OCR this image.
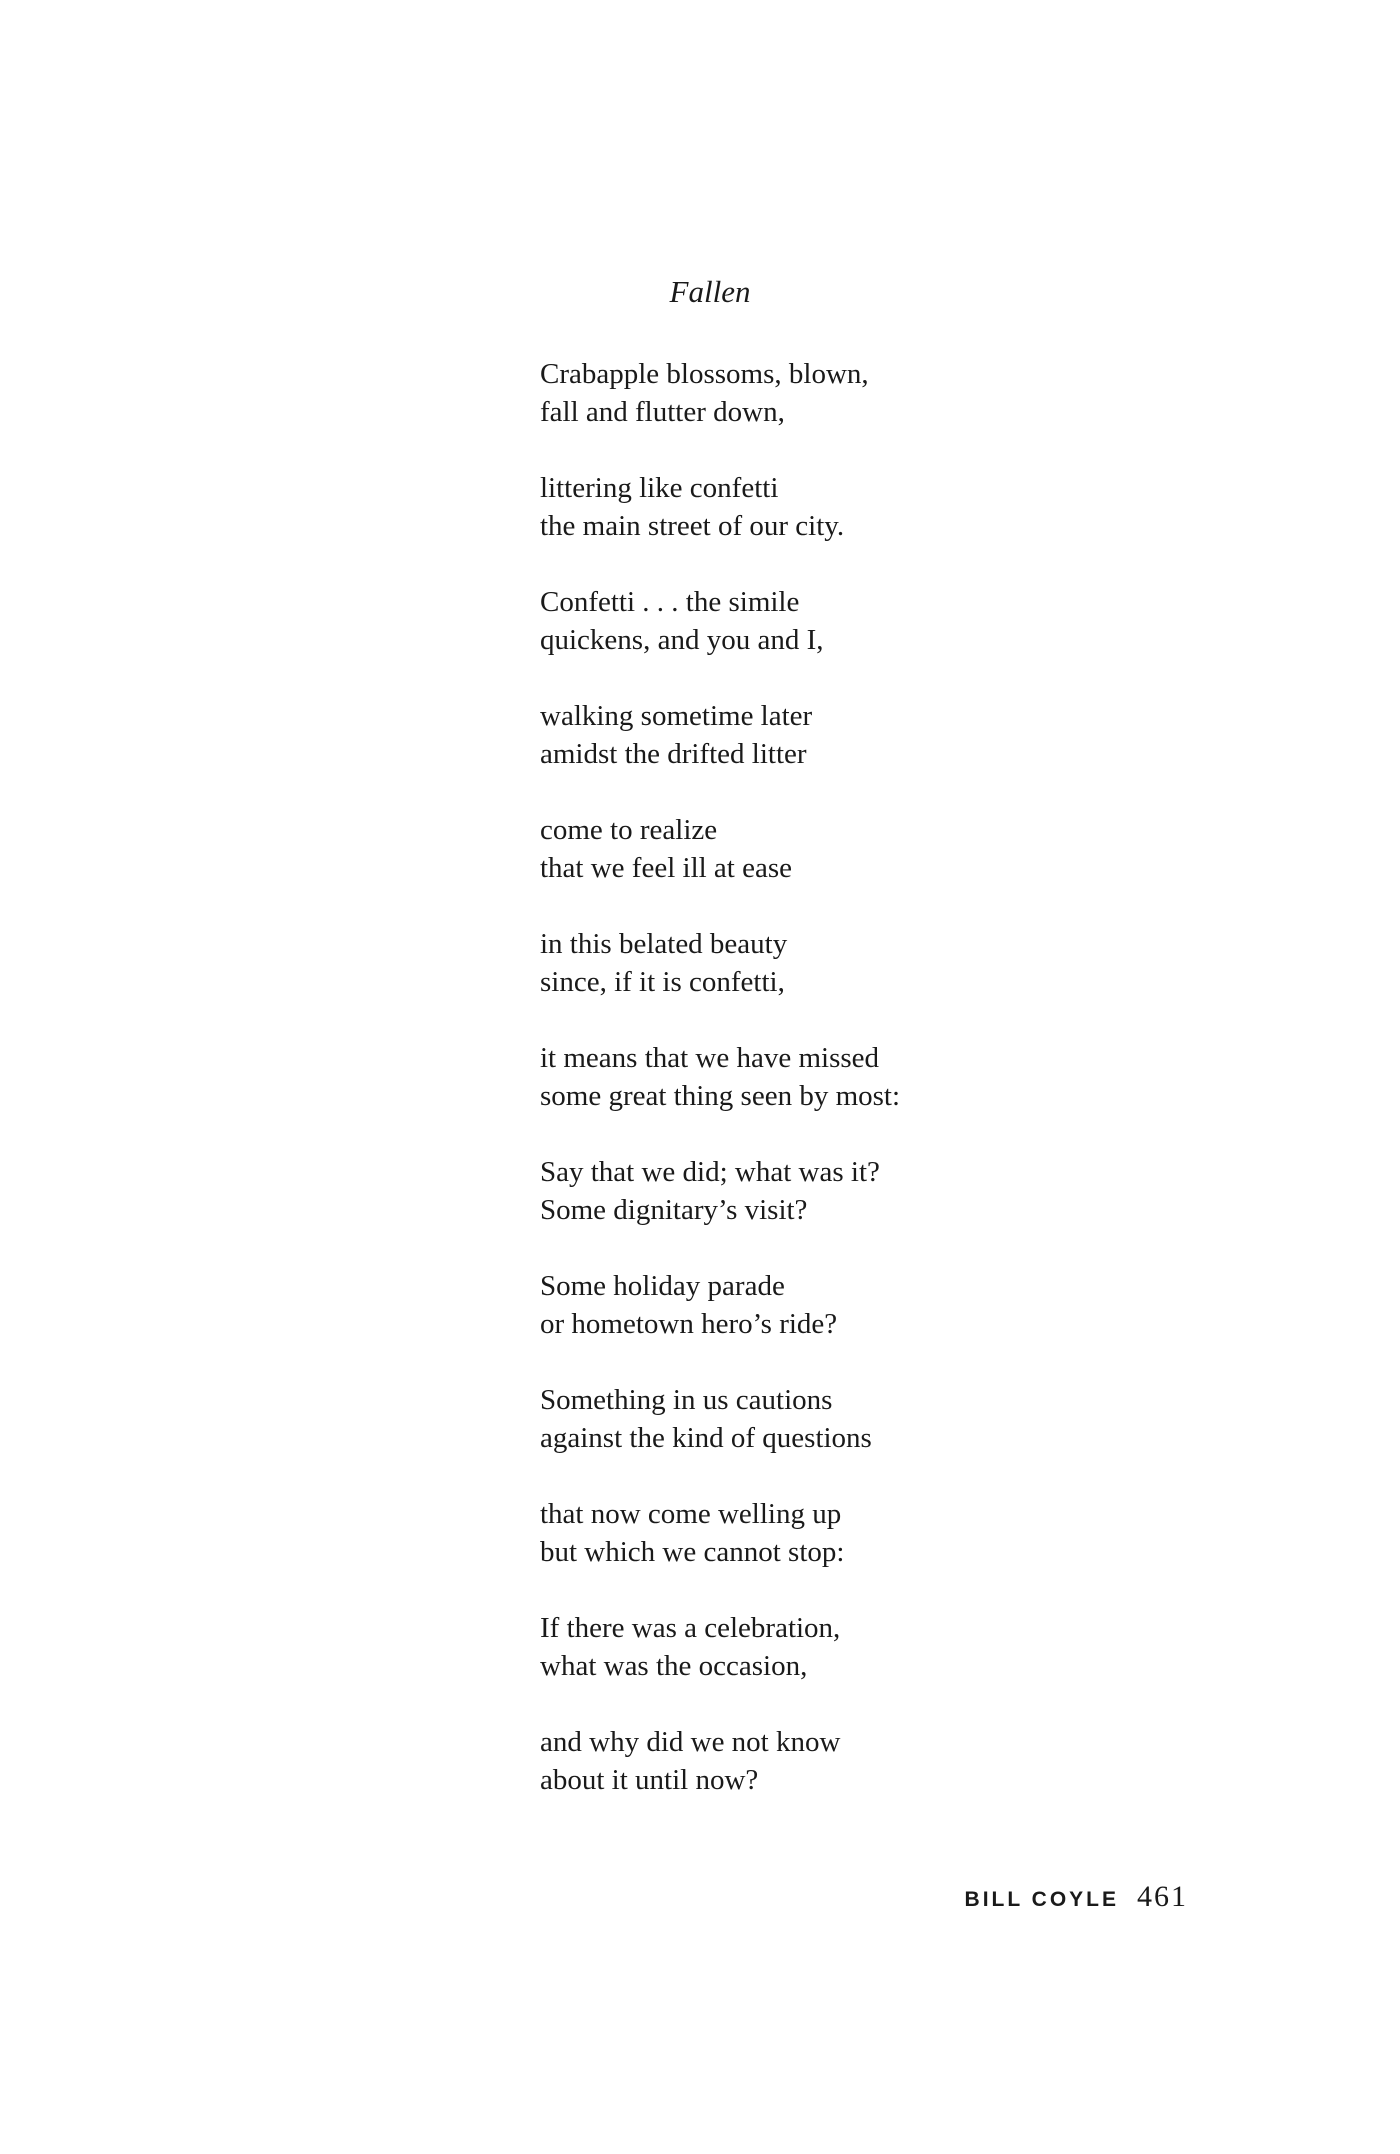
Fallen
Crabapple blossoms, blown,
fall and flutter down,
littering like confetti
the main street of our city.
Confetti . . . the simile
quickens, and you and I,
walking sometime later
amidst the drifted litter
come to realize
that we feel ill at ease
in this belated beauty
since, if it is confetti,
it means that we have missed
some great thing seen by most:
Say that we did; what was it?
Some dignitary’s visit?
Some holiday parade
or hometown hero’s ride?
Something in us cautions
against the kind of questions
that now come welling up
but which we cannot stop:
If there was a celebration,
what was the occasion,
and why did we not know
about it until now?
BILL COYLE 461
